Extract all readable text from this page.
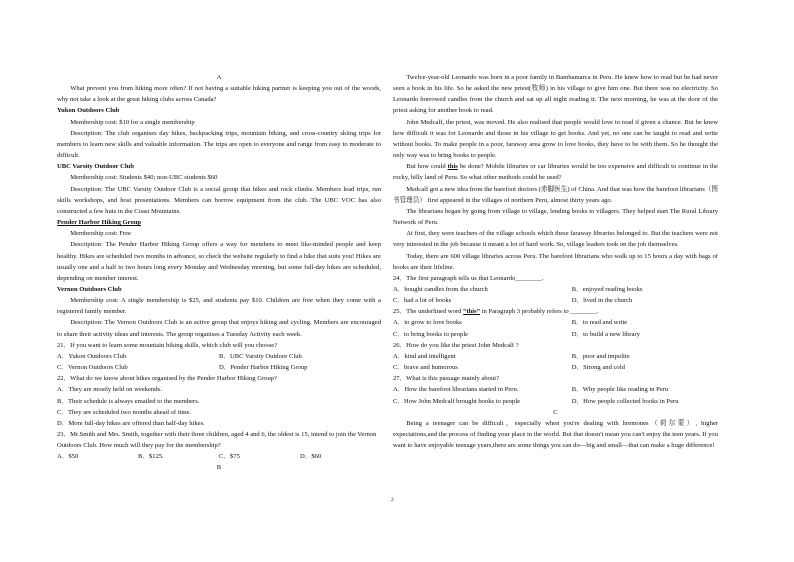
A

What prevent you from hiking more often? If not having a suitable hiking partner is keeping you out of the woods, why not take a look at the great hiking clubs across Canada?

Yukon Outdoors Club

Membership cost: $10 for a single membership

Description: The club organises day hikes, backpacking trips, mountain biking, and cross-country skiing trips for members to learn new skills and valuable information. The trips are open to everyone and range from easy to moderate to difficult.

UBC Varsity Outdoor Club

Membership cost: Students $40; non-UBC students $60

Description: The UBC Varsity Outdoor Club is a social group that hikes and rock climbs. Members lead trips, run skills workshops, and host presentations. Members can borrow equipment from the club. The UBC VOC has also constructed a few huts in the Coast Mountains.

Pender Harbor Hiking Group

Membership cost: Free

Description: The Pender Harbor Hiking Group offers a way for members to meet like-minded people and keep healthy. Hikes are scheduled two months in advance, so check the website regularly to find a hike that suits you! Hikes are usually one and a half to two hours long every Monday and Wednesday morning, but some full-day hikes are scheduled, depending on member interest.

Vernon Outdoors Club

Membership cost: A single membership is $25, and students pay $10. Children are free when they come with a registered family member.

Description: The Vernon Outdoors Club is an active group that enjoys hiking and cycling. Members are encouraged to share their activity ideas and interests. The group organises a Tuesday Activity each week.

21．If you want to learn some mountain biking skills, which club will you choose?

A．Yukon Outdoors Club	B．UBC Varsity Outdoor Club
C．Vernon Outdoors Club	D．Pender Harbor Hiking Group

22．What do we know about hikes organised by the Pender Harbor Hiking Group?

A．They are mostly held on weekends.

B．Their schedule is always emailed to the members.

C．They are scheduled two months ahead of time.

D．More full-day hikes are offered than half-day hikes.

23．Mr.Smith and Mrs. Smith, together with their three children, aged 4 and 6, the oldest is 15, intend to join the Vernon Outdoors Club. How much will they pay for the membership?

A．$50	B．$125.	C．$75	D．$60

B

Twelve-year-old Leonardo was born in a poor family in Bambamarca in Peru. He knew how to read but he had never seen a book in his life. So he asked the new priest(牧师) in his village to give him one. But there was no electricity. So Leonardo borrowed candles from the church and sat up all night reading it. The next morning, he was at the door of the priest asking for another book to read.

John Medcalf, the priest, was moved. He also realised that people would love to read if given a chance. But he knew how difficult it was for Leonardo and those in his village to get books. And yet, no one can be taught to read and write without books. To make people in a poor, faraway area grow to love books, they have to be with them. So he thought the only way was to bring books to people.

But how could this be done? Mobile libraries or car libraries would be too expensive and difficult to continue in the rocky, hilly land of Peru. So what other methods could be used?

Medcalf got a new idea from the barefoot doctors (赤脚医生) of China. And that was how the barefoot librarians（图书管理员） first appeared in the villages of northern Peru, almost thirty years ago.

The librarians began by going from village to village, lending books to villagers. They helped start The Rural Library Network of Peru.

At first, they were teachers of the village schools which these faraway libraries belonged to. But the teachers were not very interested in the job because it meant a lot of hard work. So, village leaders took on the job themselves.

Today, there are 600 village libraries across Peru. The barefoot librarians who walk up to 15 hours a day with bags of books are their lifeline.

24．The first paragraph tells us that Leonardo________.

A．bought candles from the church	B．enjoyed reading books
C．had a lot of books	D．lived in the church

25．The underlined word “this” in Paragraph 3 probably refers to ________.

A．to grow to love books	B．to read and write
C．to bring books to people	D．to build a new library

26．How do you like the priest John Medcalf ?

A．kind and intelligent	B．poor and impolite
C．brave and humorous	D．Strong and cold

27．What is this passage mainly about?

A．How the barefoot librarians started in Peru.	B．Why people like reading in Peru
C．How John Medcalf brought books to people	D．How people collected books in Peru

C

Being a teenager can be difficult，especially when you're dealing with hormones（荷尔蒙）, higher expectations,and the process of finding your place in the world. But that doesn't mean you can't enjoy the teen years. If you want to have enjoyable teenage years,there are some things you can do—big and small—that can make a huge difference!

2
